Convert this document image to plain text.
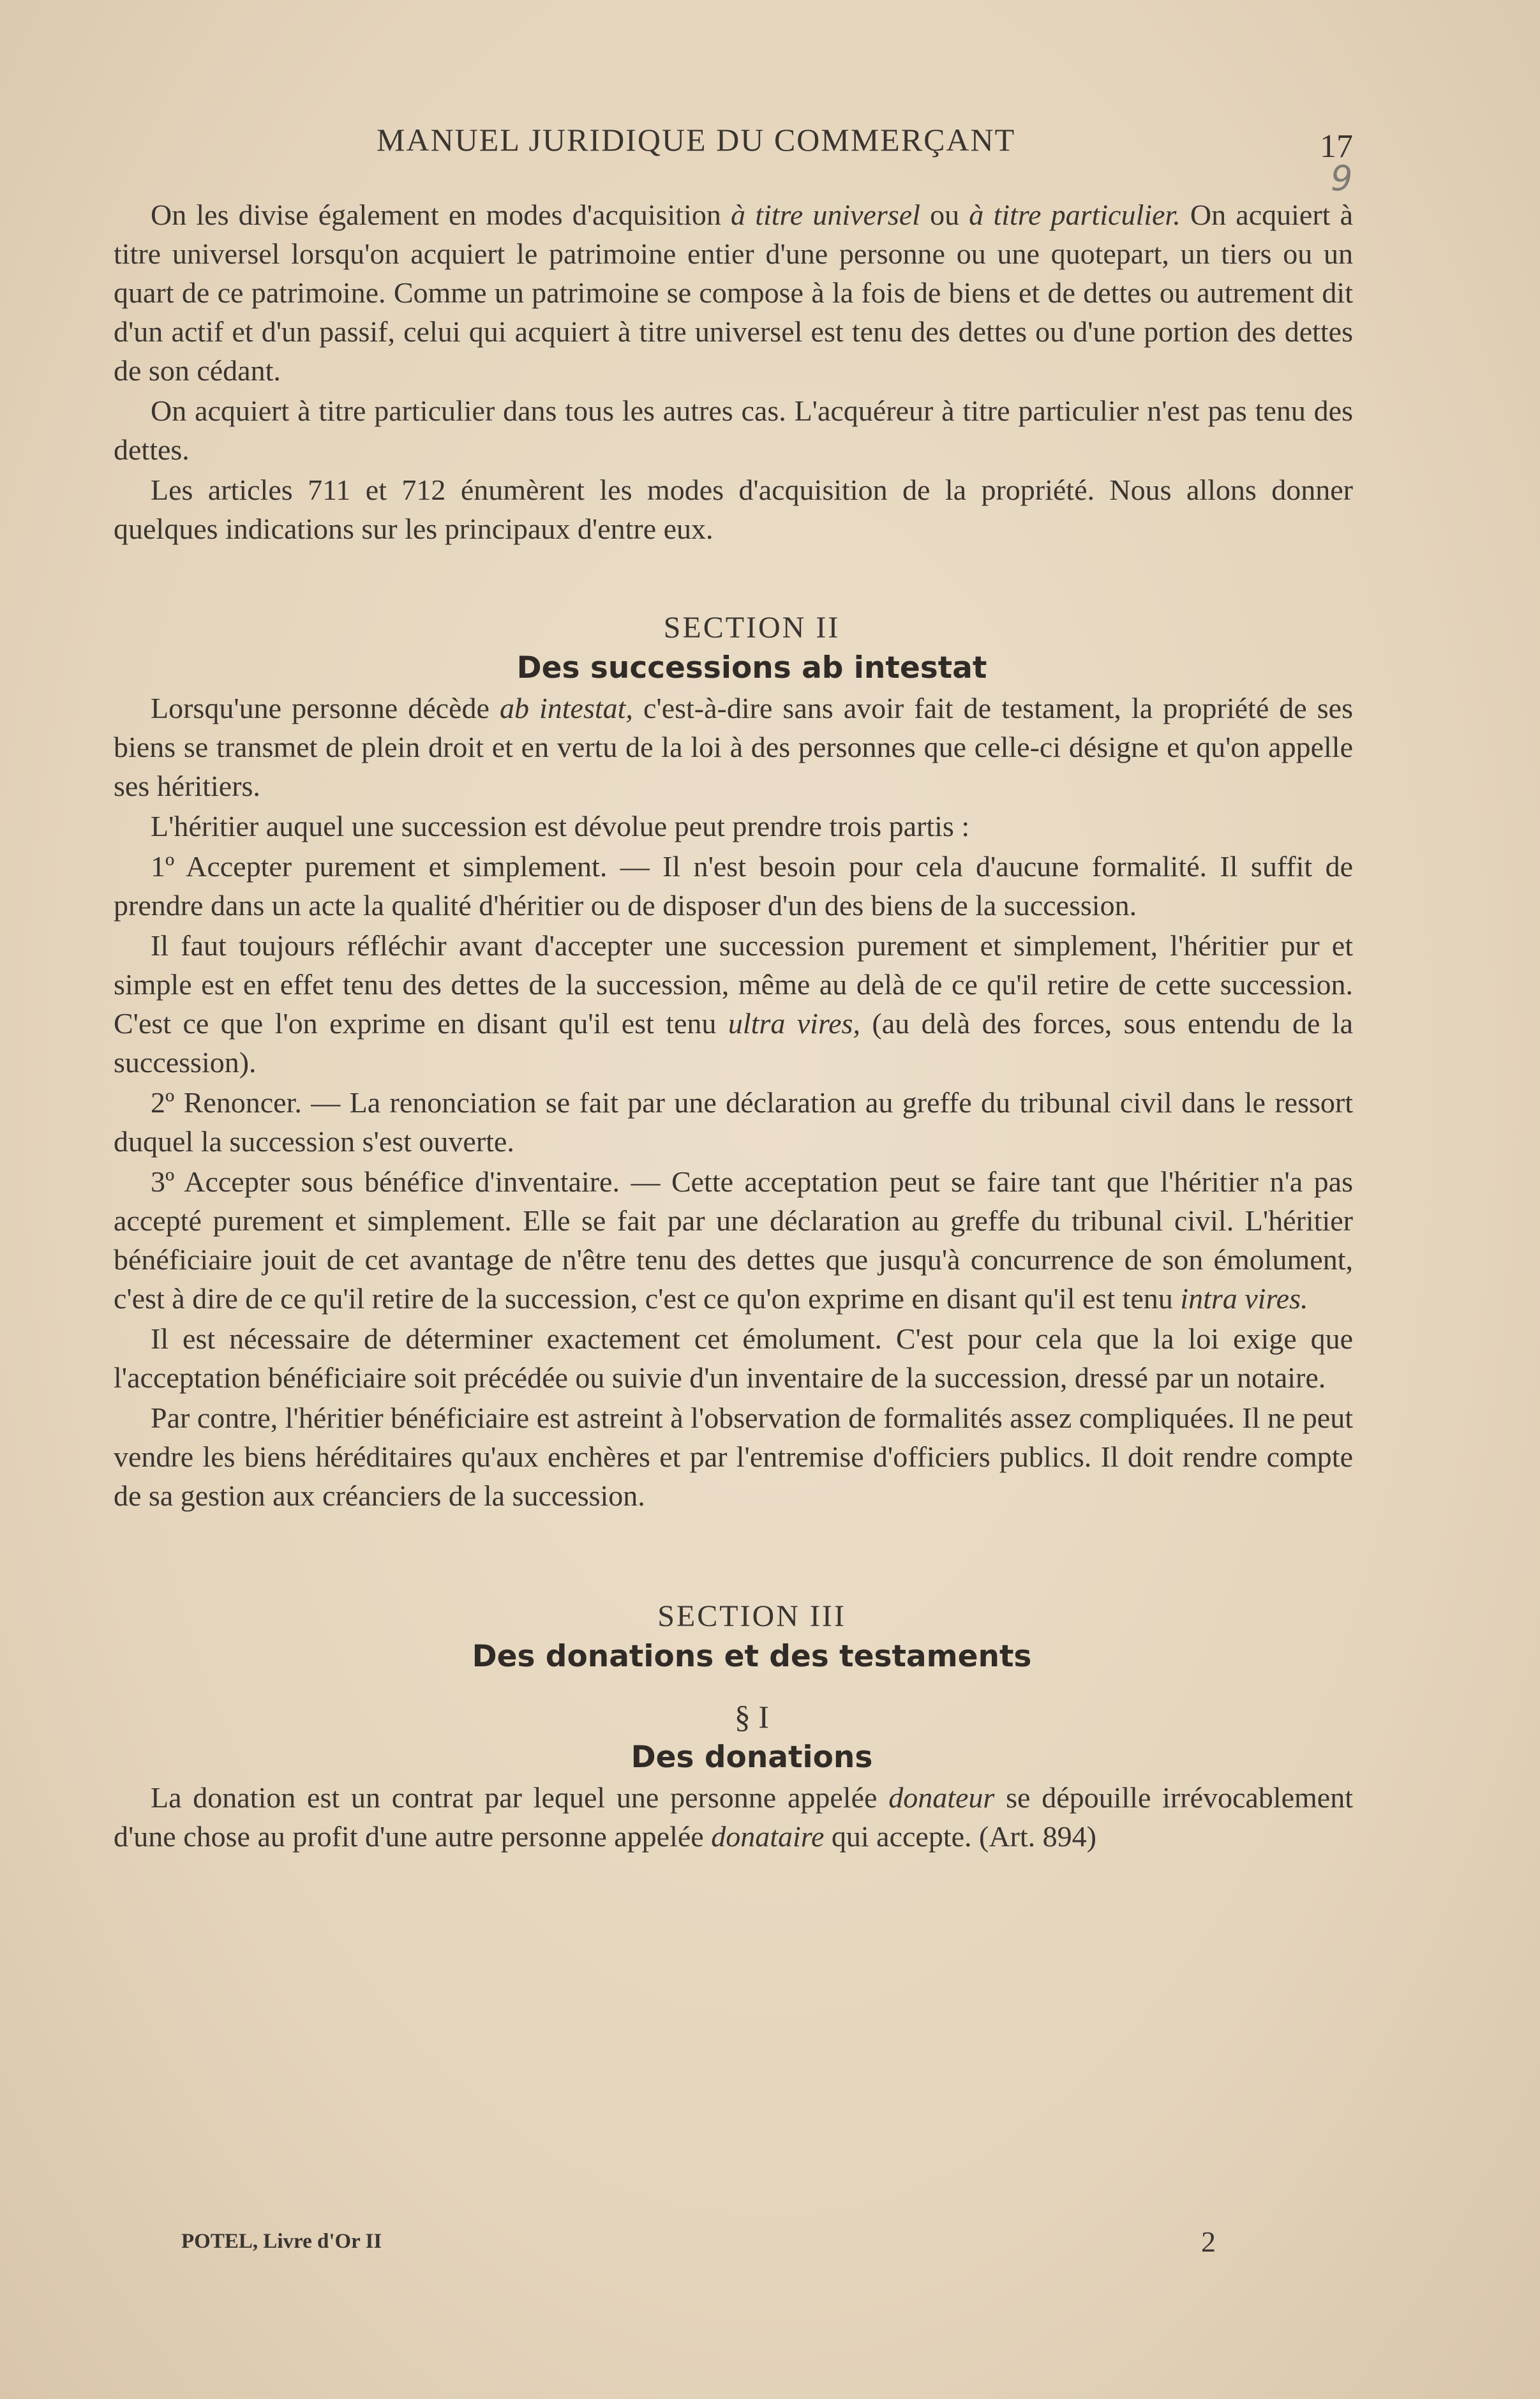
MANUEL JURIDIQUE DU COMMERÇANT	17
9

On les divise également en modes d'acquisition à titre universel ou à titre particulier. On acquiert à titre universel lorsqu'on acquiert le patrimoine entier d'une personne ou une quotepart, un tiers ou un quart de ce patrimoine. Comme un patrimoine se compose à la fois de biens et de dettes ou autrement dit d'un actif et d'un passif, celui qui acquiert à titre universel est tenu des dettes ou d'une portion des dettes de son cédant.

On acquiert à titre particulier dans tous les autres cas. L'acquéreur à titre particulier n'est pas tenu des dettes.

Les articles 711 et 712 énumèrent les modes d'acquisition de la propriété. Nous allons donner quelques indications sur les principaux d'entre eux.

SECTION II

Des successions ab intestat

Lorsqu'une personne décède ab intestat, c'est-à-dire sans avoir fait de testament, la propriété de ses biens se transmet de plein droit et en vertu de la loi à des personnes que celle-ci désigne et qu'on appelle ses héritiers.

L'héritier auquel une succession est dévolue peut prendre trois partis :

1º Accepter purement et simplement. — Il n'est besoin pour cela d'aucune formalité. Il suffit de prendre dans un acte la qualité d'héritier ou de disposer d'un des biens de la succession.

Il faut toujours réfléchir avant d'accepter une succession purement et simplement, l'héritier pur et simple est en effet tenu des dettes de la succession, même au delà de ce qu'il retire de cette succession. C'est ce que l'on exprime en disant qu'il est tenu ultra vires, (au delà des forces, sous entendu de la succession).

2º Renoncer. — La renonciation se fait par une déclaration au greffe du tribunal civil dans le ressort duquel la succession s'est ouverte.

3º Accepter sous bénéfice d'inventaire. — Cette acceptation peut se faire tant que l'héritier n'a pas accepté purement et simplement. Elle se fait par une déclaration au greffe du tribunal civil. L'héritier bénéficiaire jouit de cet avantage de n'être tenu des dettes que jusqu'à concurrence de son émolument, c'est à dire de ce qu'il retire de la succession, c'est ce qu'on exprime en disant qu'il est tenu intra vires.

Il est nécessaire de déterminer exactement cet émolument. C'est pour cela que la loi exige que l'acceptation bénéficiaire soit précédée ou suivie d'un inventaire de la succession, dressé par un notaire.

Par contre, l'héritier bénéficiaire est astreint à l'observation de formalités assez compliquées. Il ne peut vendre les biens héréditaires qu'aux enchères et par l'entremise d'officiers publics. Il doit rendre compte de sa gestion aux créanciers de la succession.

SECTION III

Des donations et des testaments

§ I

Des donations

La donation est un contrat par lequel une personne appelée donateur se dépouille irrévocablement d'une chose au profit d'une autre personne appelée donataire qui accepte. (Art. 894)

POTEL, Livre d'Or II	2
